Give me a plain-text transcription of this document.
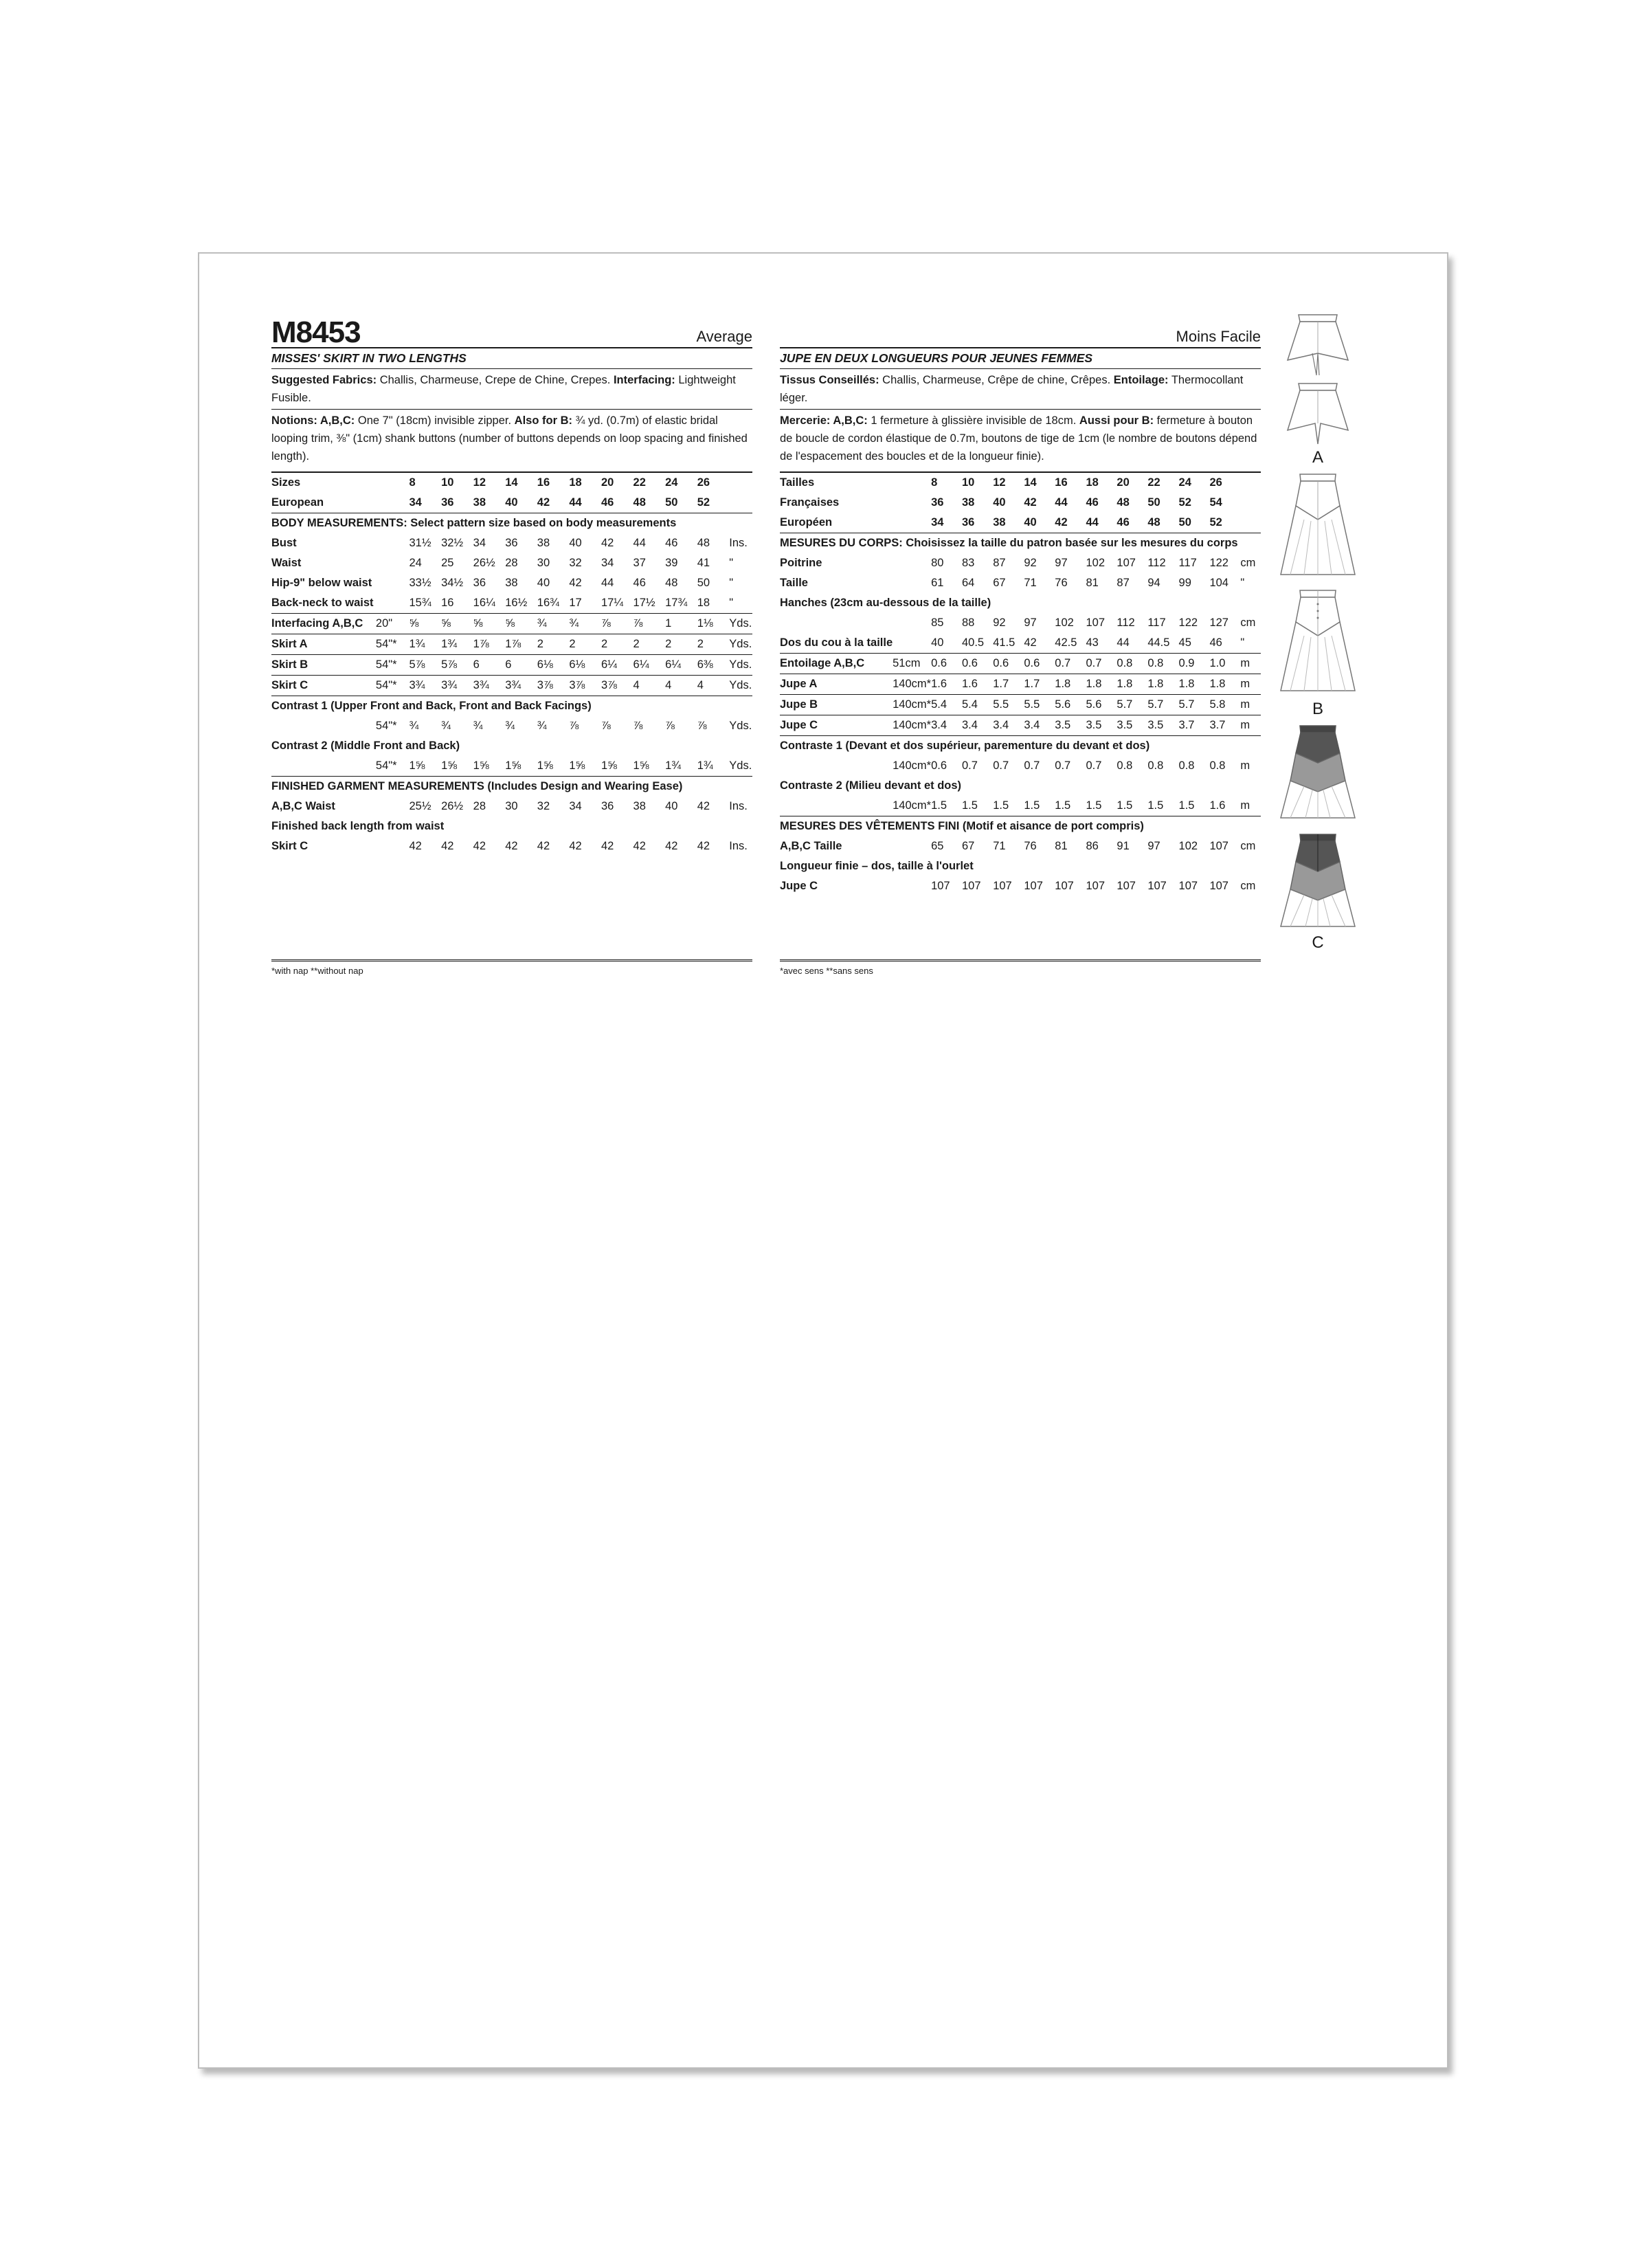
M8453	Average
MISSES' SKIRT IN TWO LENGTHS
Suggested Fabrics: Challis, Charmeuse, Crepe de Chine, Crepes. Interfacing: Lightweight Fusible.
Notions: A,B,C: One 7" (18cm) invisible zipper. Also for B: ¾ yd. (0.7m) of elastic bridal looping trim, ⅜" (1cm) shank buttons (number of buttons depends on loop spacing and finished length).
Sizes		8	10	12	14	16	18	20	22	24	26	
European		34	36	38	40	42	44	46	48	50	52	
BODY MEASUREMENTS: Select pattern size based on body measurements												
Bust		31½	32½	34	36	38	40	42	44	46	48	Ins.
Waist		24	25	26½	28	30	32	34	37	39	41	"
Hip-9" below waist		33½	34½	36	38	40	42	44	46	48	50	"
Back-neck to waist		15¾	16	16¼	16½	16¾	17	17¼	17½	17¾	18	"
Interfacing A,B,C	20"	⅝	⅝	⅝	⅝	¾	¾	⅞	⅞	1	1⅛	Yds.
Skirt A	54"*	1¾	1¾	1⅞	1⅞	2	2	2	2	2	2	Yds.
Skirt B	54"*	5⅞	5⅞	6	6	6⅛	6⅛	6¼	6¼	6¼	6⅜	Yds.
Skirt C	54"*	3¾	3¾	3¾	3¾	3⅞	3⅞	3⅞	4	4	4	Yds.
Contrast 1 (Upper Front and Back, Front and Back Facings)												
	54"*	¾	¾	¾	¾	¾	⅞	⅞	⅞	⅞	⅞	Yds.
Contrast 2 (Middle Front and Back)												
	54"*	1⅝	1⅝	1⅝	1⅝	1⅝	1⅝	1⅝	1⅝	1¾	1¾	Yds.
FINISHED GARMENT MEASUREMENTS (Includes Design and Wearing Ease)												
A,B,C Waist		25½	26½	28	30	32	34	36	38	40	42	Ins.
Finished back length from waist												
Skirt C		42	42	42	42	42	42	42	42	42	42	Ins.
Moins Facile
JUPE EN DEUX LONGUEURS POUR JEUNES FEMMES
Tissus Conseillés: Challis, Charmeuse, Crêpe de chine, Crêpes. Entoilage: Thermocollant léger.
Mercerie: A,B,C: 1 fermeture à glissière invisible de 18cm. Aussi pour B: fermeture à bouton de boucle de cordon élastique de 0.7m, boutons de tige de 1cm (le nombre de boutons dépend de l'espacement des boucles et de la longueur finie).
Tailles		8	10	12	14	16	18	20	22	24	26	
Françaises		36	38	40	42	44	46	48	50	52	54	
Européen		34	36	38	40	42	44	46	48	50	52	
MESURES DU CORPS: Choisissez la taille du patron basée sur les mesures du corps												
Poitrine		80	83	87	92	97	102	107	112	117	122	cm
Taille		61	64	67	71	76	81	87	94	99	104	"
Hanches (23cm au-dessous de la taille)												
		85	88	92	97	102	107	112	117	122	127	cm
Dos du cou à la taille		40	40.5	41.5	42	42.5	43	44	44.5	45	46	"
Entoilage A,B,C	51cm	0.6	0.6	0.6	0.6	0.7	0.7	0.8	0.8	0.9	1.0	m
Jupe A	140cm*	1.6	1.6	1.7	1.7	1.8	1.8	1.8	1.8	1.8	1.8	m
Jupe B	140cm*	5.4	5.4	5.5	5.5	5.6	5.6	5.7	5.7	5.7	5.8	m
Jupe C	140cm*	3.4	3.4	3.4	3.4	3.5	3.5	3.5	3.5	3.7	3.7	m
Contraste 1 (Devant et dos supérieur, parementure du devant et dos)												
	140cm*	0.6	0.7	0.7	0.7	0.7	0.7	0.8	0.8	0.8	0.8	m
Contraste 2 (Milieu devant et dos)												
	140cm*	1.5	1.5	1.5	1.5	1.5	1.5	1.5	1.5	1.5	1.6	m
MESURES DES VÊTEMENTS FINI (Motif et aisance de port compris)												
A,B,C Taille		65	67	71	76	81	86	91	97	102	107	cm
Longueur finie – dos, taille à l'ourlet												
Jupe C		107	107	107	107	107	107	107	107	107	107	cm
*with nap **without nap	*avec sens **sans sens
A
B
C
